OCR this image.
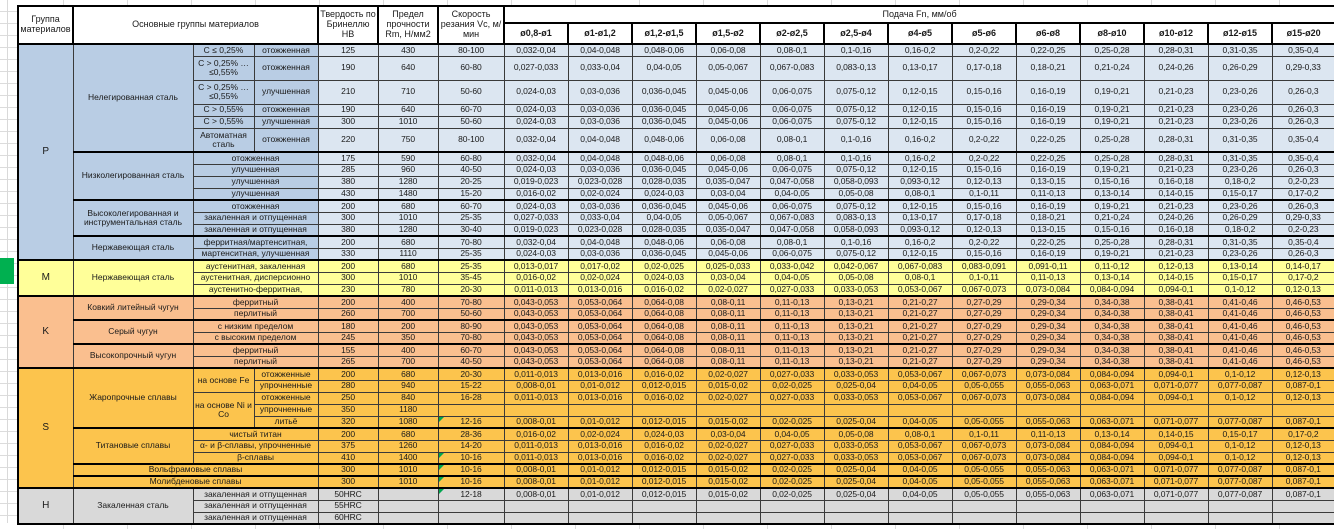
Группа материалов	Основные группы материалов			Твердость по Бринеллю НВ	Предел прочности Rm, Н/мм2	Скорость резания Vc, м/мин	Подача Fn, мм/об												
							ø0,8-ø1	ø1-ø1,2	ø1,2-ø1,5	ø1,5-ø2	ø2-ø2,5	ø2,5-ø4	ø4-ø5	ø5-ø6	ø6-ø8	ø8-ø10	ø10-ø12	ø12-ø15	ø15-ø20
P	Нелегированная сталь	C ≤ 0,25%	отожженная	125	430	80-100	0,032-0,04	0,04-0,048	0,048-0,06	0,06-0,08	0,08-0,1	0,1-0,16	0,16-0,2	0,2-0,22	0,22-0,25	0,25-0,28	0,28-0,31	0,31-0,35	0,35-0,4
		C > 0,25% … ≤0,55%	отожженная	190	640	60-80	0,027-0,033	0,033-0,04	0,04-0,05	0,05-0,067	0,067-0,083	0,083-0,13	0,13-0,17	0,17-0,18	0,18-0,21	0,21-0,24	0,24-0,26	0,26-0,29	0,29-0,33
		C > 0,25% … ≤0,55%	улучшенная	210	710	50-60	0,024-0,03	0,03-0,036	0,036-0,045	0,045-0,06	0,06-0,075	0,075-0,12	0,12-0,15	0,15-0,16	0,16-0,19	0,19-0,21	0,21-0,23	0,23-0,26	0,26-0,3
		C > 0,55%	отожженная	190	640	60-70	0,024-0,03	0,03-0,036	0,036-0,045	0,045-0,06	0,06-0,075	0,075-0,12	0,12-0,15	0,15-0,16	0,16-0,19	0,19-0,21	0,21-0,23	0,23-0,26	0,26-0,3
		C > 0,55%	улучшенная	300	1010	50-60	0,024-0,03	0,03-0,036	0,036-0,045	0,045-0,06	0,06-0,075	0,075-0,12	0,12-0,15	0,15-0,16	0,16-0,19	0,19-0,21	0,21-0,23	0,23-0,26	0,26-0,3
		Автоматная сталь	отожженная	220	750	80-100	0,032-0,04	0,04-0,048	0,048-0,06	0,06-0,08	0,08-0,1	0,1-0,16	0,16-0,2	0,2-0,22	0,22-0,25	0,25-0,28	0,28-0,31	0,31-0,35	0,35-0,4
	Низколегированная сталь	отожженная		175	590	60-80	0,032-0,04	0,04-0,048	0,048-0,06	0,06-0,08	0,08-0,1	0,1-0,16	0,16-0,2	0,2-0,22	0,22-0,25	0,25-0,28	0,28-0,31	0,31-0,35	0,35-0,4
		улучшенная		285	960	40-50	0,024-0,03	0,03-0,036	0,036-0,045	0,045-0,06	0,06-0,075	0,075-0,12	0,12-0,15	0,15-0,16	0,16-0,19	0,19-0,21	0,21-0,23	0,23-0,26	0,26-0,3
		улучшенная		380	1280	20-25	0,019-0,023	0,023-0,028	0,028-0,035	0,035-0,047	0,047-0,058	0,058-0,093	0,093-0,12	0,12-0,13	0,13-0,15	0,15-0,16	0,16-0,18	0,18-0,2	0,2-0,23
		улучшенная		430	1480	15-20	0,016-0,02	0,02-0,024	0,024-0,03	0,03-0,04	0,04-0,05	0,05-0,08	0,08-0,1	0,1-0,11	0,11-0,13	0,13-0,14	0,14-0,15	0,15-0,17	0,17-0,2
	Высоколегированная и инструментальная сталь	отожженная		200	680	60-70	0,024-0,03	0,03-0,036	0,036-0,045	0,045-0,06	0,06-0,075	0,075-0,12	0,12-0,15	0,15-0,16	0,16-0,19	0,19-0,21	0,21-0,23	0,23-0,26	0,26-0,3
		закаленная и отпущенная		300	1010	25-35	0,027-0,033	0,033-0,04	0,04-0,05	0,05-0,067	0,067-0,083	0,083-0,13	0,13-0,17	0,17-0,18	0,18-0,21	0,21-0,24	0,24-0,26	0,26-0,29	0,29-0,33
		закаленная и отпущенная		380	1280	30-40	0,019-0,023	0,023-0,028	0,028-0,035	0,035-0,047	0,047-0,058	0,058-0,093	0,093-0,12	0,12-0,13	0,13-0,15	0,15-0,16	0,16-0,18	0,18-0,2	0,2-0,23
	Нержавеющая сталь	ферритная/мартенситная,		200	680	70-80	0,032-0,04	0,04-0,048	0,048-0,06	0,06-0,08	0,08-0,1	0,1-0,16	0,16-0,2	0,2-0,22	0,22-0,25	0,25-0,28	0,28-0,31	0,31-0,35	0,35-0,4
		мартенситная, улучшенная		330	1110	25-35	0,024-0,03	0,03-0,036	0,036-0,045	0,045-0,06	0,06-0,075	0,075-0,12	0,12-0,15	0,15-0,16	0,16-0,19	0,19-0,21	0,21-0,23	0,23-0,26	0,26-0,3
M	Нержавеющая сталь	аустенитная, закаленная		200	680	25-35	0,013-0,017	0,017-0,02	0,02-0,025	0,025-0,033	0,033-0,042	0,042-0,067	0,067-0,083	0,083-0,091	0,091-0,11	0,11-0,12	0,12-0,13	0,13-0,14	0,14-0,17
		аустенитная, дисперсионно		300	1010	35-45	0,016-0,02	0,02-0,024	0,024-0,03	0,03-0,04	0,04-0,05	0,05-0,08	0,08-0,1	0,1-0,11	0,11-0,13	0,13-0,14	0,14-0,15	0,15-0,17	0,17-0,2
		аустенитно-ферритная,		230	780	20-30	0,011-0,013	0,013-0,016	0,016-0,02	0,02-0,027	0,027-0,033	0,033-0,053	0,053-0,067	0,067-0,073	0,073-0,084	0,084-0,094	0,094-0,1	0,1-0,12	0,12-0,13
K	Ковкий литейный чугун	ферритный		200	400	70-80	0,043-0,053	0,053-0,064	0,064-0,08	0,08-0,11	0,11-0,13	0,13-0,21	0,21-0,27	0,27-0,29	0,29-0,34	0,34-0,38	0,38-0,41	0,41-0,46	0,46-0,53
		перлитный		260	700	50-60	0,043-0,053	0,053-0,064	0,064-0,08	0,08-0,11	0,11-0,13	0,13-0,21	0,21-0,27	0,27-0,29	0,29-0,34	0,34-0,38	0,38-0,41	0,41-0,46	0,46-0,53
	Серый чугун	с низким пределом		180	200	80-90	0,043-0,053	0,053-0,064	0,064-0,08	0,08-0,11	0,11-0,13	0,13-0,21	0,21-0,27	0,27-0,29	0,29-0,34	0,34-0,38	0,38-0,41	0,41-0,46	0,46-0,53
		с высоким пределом		245	350	70-80	0,043-0,053	0,053-0,064	0,064-0,08	0,08-0,11	0,11-0,13	0,13-0,21	0,21-0,27	0,27-0,29	0,29-0,34	0,34-0,38	0,38-0,41	0,41-0,46	0,46-0,53
	Высокопрочный чугун	ферритный		155	400	60-70	0,043-0,053	0,053-0,064	0,064-0,08	0,08-0,11	0,11-0,13	0,13-0,21	0,21-0,27	0,27-0,29	0,29-0,34	0,34-0,38	0,38-0,41	0,41-0,46	0,46-0,53
		перлитный		265	700	40-50	0,043-0,053	0,053-0,064	0,064-0,08	0,08-0,11	0,11-0,13	0,13-0,21	0,21-0,27	0,27-0,29	0,29-0,34	0,34-0,38	0,38-0,41	0,41-0,46	0,46-0,53
S	Жаропрочные сплавы	на основе Fe	отожженные	200	680	20-30	0,011-0,013	0,013-0,016	0,016-0,02	0,02-0,027	0,027-0,033	0,033-0,053	0,053-0,067	0,067-0,073	0,073-0,084	0,084-0,094	0,094-0,1	0,1-0,12	0,12-0,13
			упрочненные	280	940	15-22	0,008-0,01	0,01-0,012	0,012-0,015	0,015-0,02	0,02-0,025	0,025-0,04	0,04-0,05	0,05-0,055	0,055-0,063	0,063-0,071	0,071-0,077	0,077-0,087	0,087-0,1
		на основе Ni и Co	отожженные	250	840	16-28	0,011-0,013	0,013-0,016	0,016-0,02	0,02-0,027	0,027-0,033	0,033-0,053	0,053-0,067	0,067-0,073	0,073-0,084	0,084-0,094	0,094-0,1	0,1-0,12	0,12-0,13
			упрочненные	350	1180														
			литьё	320	1080	12-16	0,008-0,01	0,01-0,012	0,012-0,015	0,015-0,02	0,02-0,025	0,025-0,04	0,04-0,05	0,05-0,055	0,055-0,063	0,063-0,071	0,071-0,077	0,077-0,087	0,087-0,1
	Титановые сплавы	чистый титан		200	680	28-36	0,016-0,02	0,02-0,024	0,024-0,03	0,03-0,04	0,04-0,05	0,05-0,08	0,08-0,1	0,1-0,11	0,11-0,13	0,13-0,14	0,14-0,15	0,15-0,17	0,17-0,2
		α- и β-сплавы, упрочненные		375	1260	14-20	0,011-0,013	0,013-0,016	0,016-0,02	0,02-0,027	0,027-0,033	0,033-0,053	0,053-0,067	0,067-0,073	0,073-0,084	0,084-0,094	0,094-0,1	0,1-0,12	0,12-0,13
		β-сплавы		410	1400	10-16	0,011-0,013	0,013-0,016	0,016-0,02	0,02-0,027	0,027-0,033	0,033-0,053	0,053-0,067	0,067-0,073	0,073-0,084	0,084-0,094	0,094-0,1	0,1-0,12	0,12-0,13
	Вольфрамовые сплавы			300	1010	10-16	0,008-0,01	0,01-0,012	0,012-0,015	0,015-0,02	0,02-0,025	0,025-0,04	0,04-0,05	0,05-0,055	0,055-0,063	0,063-0,071	0,071-0,077	0,077-0,087	0,087-0,1
	Молибденовые сплавы			300	1010	10-16	0,008-0,01	0,01-0,012	0,012-0,015	0,015-0,02	0,02-0,025	0,025-0,04	0,04-0,05	0,05-0,055	0,055-0,063	0,063-0,071	0,071-0,077	0,077-0,087	0,087-0,1
H	Закаленная сталь	закаленная и отпущенная		50HRC		12-18	0,008-0,01	0,01-0,012	0,012-0,015	0,015-0,02	0,02-0,025	0,025-0,04	0,04-0,05	0,05-0,055	0,055-0,063	0,063-0,071	0,071-0,077	0,077-0,087	0,087-0,1
		закаленная и отпущенная		55HRC															
		закаленная и отпущенная		60HRC															
